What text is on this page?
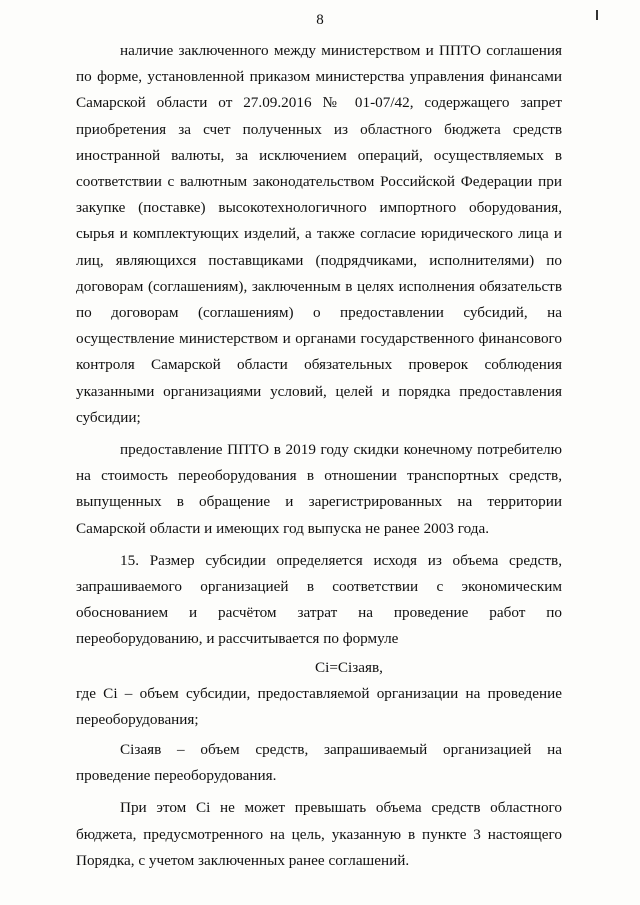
8

наличие заключенного между министерством и ППТО соглашения по форме, установленной приказом министерства управления финансами Самарской области от 27.09.2016 № 01-07/42, содержащего запрет приобретения за счет полученных из областного бюджета средств иностранной валюты, за исключением операций, осуществляемых в соответствии с валютным законодательством Российской Федерации при закупке (поставке) высокотехнологичного импортного оборудования, сырья и комплектующих изделий, а также согласие юридического лица и лиц, являющихся поставщиками (подрядчиками, исполнителями) по договорам (соглашениям), заключенным в целях исполнения обязательств по договорам (соглашениям) о предоставлении субсидий, на осуществление министерством и органами государственного финансового контроля Самарской области обязательных проверок соблюдения указанными организациями условий, целей и порядка предоставления субсидии;

предоставление ППТО в 2019 году скидки конечному потребителю на стоимость переоборудования в отношении транспортных средств, выпущенных в обращение и зарегистрированных на территории Самарской области и имеющих год выпуска не ранее 2003 года.

15. Размер субсидии определяется исходя из объема средств, запрашиваемого организацией в соответствии с экономическим обоснованием и расчётом затрат на проведение работ по переоборудованию, и рассчитывается по формуле

Ci=Сiзаяв,

где Ci – объем субсидии, предоставляемой организации на проведение переоборудования;

Сiзаяв – объем средств, запрашиваемый организацией на проведение переоборудования.

При этом Ci не может превышать объема средств областного бюджета, предусмотренного на цель, указанную в пункте 3 настоящего Порядка, с учетом заключенных ранее соглашений.
